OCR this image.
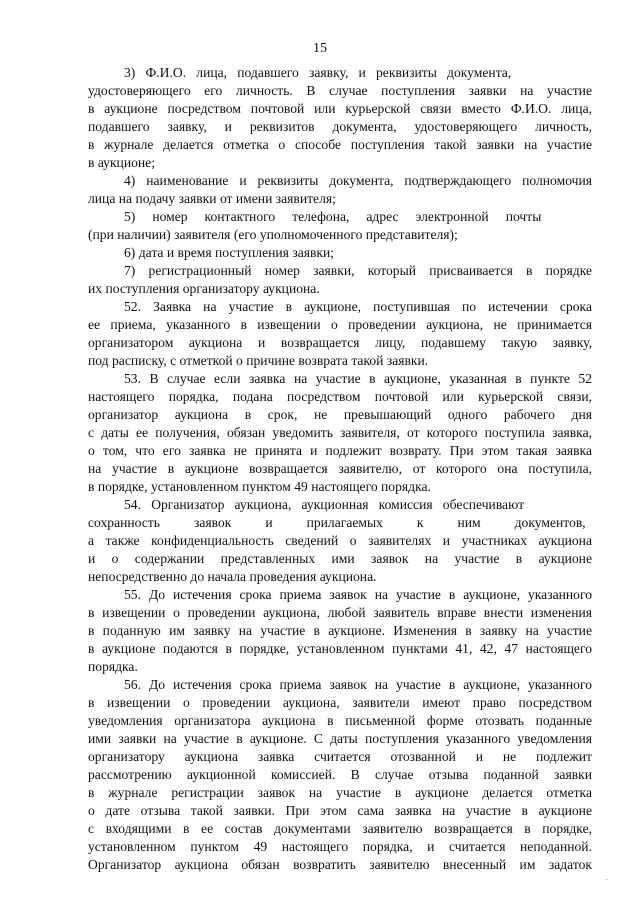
15
3)   Ф.И.О.   лица,   подавшего   заявку,   и   реквизиты   документа,
удостоверяющего его личность. В случае поступления заявки на участие
в аукционе посредством почтовой или курьерской связи вместо Ф.И.О. лица,
подавшего заявку, и реквизитов документа, удостоверяющего личность,
в журнале делается отметка о способе поступления такой заявки на участие
в аукционе;
4) наименование и реквизиты документа, подтверждающего полномочия
лица на подачу заявки от имени заявителя;
5)     номер     контактного     телефона,     адрес     электронной     почты
(при наличии) заявителя (его уполномоченного представителя);
6) дата и время поступления заявки;
7) регистрационный номер заявки, который присваивается в порядке
их поступления организатору аукциона.
52. Заявка на участие в аукционе, поступившая по истечении срока
ее приема, указанного в извещении о проведении аукциона, не принимается
организатором аукциона и возвращается лицу, подавшему такую заявку,
под расписку, с отметкой о причине возврата такой заявки.
53. В случае если заявка на участие в аукционе, указанная в пункте 52
настоящего порядка, подана посредством почтовой или курьерской связи,
организатор аукциона в срок, не превышающий одного рабочего дня
с даты ее получения, обязан уведомить заявителя, от которого поступила заявка,
о том, что его заявка не принята и подлежит возврату. При этом такая заявка
на участие в аукционе возвращается заявителю, от которого она поступила,
в порядке, установленном пунктом 49 настоящего порядка.
54.   Организатор   аукциона,   аукционная   комиссия   обеспечивают
сохранность          заявок          и          прилагаемых          к          ним          документов,
а также конфиденциальность сведений о заявителях и участниках аукциона
и о содержании представленных ими заявок на участие в аукционе
непосредственно до начала проведения аукциона.
55. До истечения срока приема заявок на участие в аукционе, указанного
в извещении о проведении аукциона, любой заявитель вправе внести изменения
в поданную им заявку на участие в аукционе. Изменения в заявку на участие
в аукционе подаются в порядке, установленном пунктами 41, 42, 47 настоящего
порядка.
56. До истечения срока приема заявок на участие в аукционе, указанного
в извещении о проведении аукциона, заявители имеют право посредством
уведомления организатора аукциона в письменной форме отозвать поданные
ими заявки на участие в аукционе. С даты поступления указанного уведомления
организатору аукциона заявка считается отозванной и не подлежит
рассмотрению аукционной комиссией. В случае отзыва поданной заявки
в журнале регистрации заявок на участие в аукционе делается отметка
о дате отзыва такой заявки. При этом сама заявка на участие в аукционе
с входящими в ее состав документами заявителю возвращается в порядке,
установленном пунктом 49 настоящего порядка, и считается неподанной.
Организатор аукциона обязан возвратить заявителю внесенный им задаток
